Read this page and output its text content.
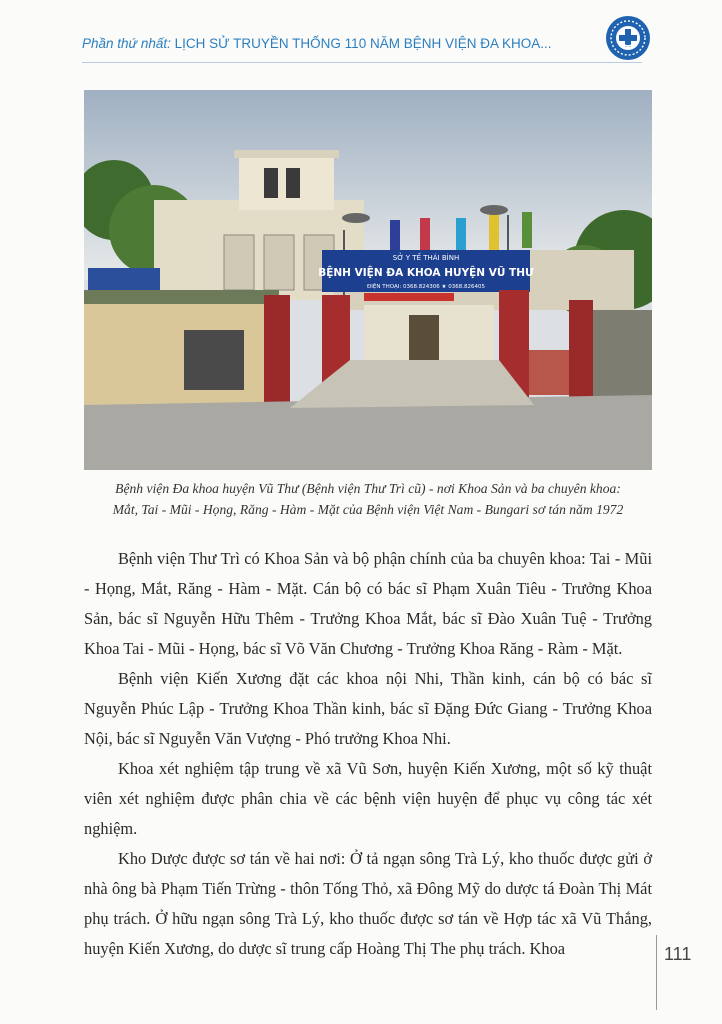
Phần thứ nhất: LỊCH SỬ TRUYỀN THỐNG 110 NĂM BỆNH VIỆN ĐA KHOA...
SỞ Y TẾ THÁI BÌNH
BỆNH VIỆN ĐA KHOA HUYỆN VŨ THƯ
ĐIỆN THOẠI: 0368.824306 ★ 0368.826405
Bệnh viện Đa khoa huyện Vũ Thư (Bệnh viện Thư Trì cũ) - nơi Khoa Sản và ba chuyên khoa:
Mắt, Tai - Mũi - Họng, Răng - Hàm - Mặt của Bệnh viện Việt Nam - Bungari sơ tán năm 1972

Bệnh viện Thư Trì có Khoa Sản và bộ phận chính của ba chuyên khoa: Tai - Mũi - Họng, Mắt, Răng - Hàm - Mặt. Cán bộ có bác sĩ Phạm Xuân Tiêu - Trưởng Khoa Sản, bác sĩ Nguyễn Hữu Thêm - Trưởng Khoa Mắt, bác sĩ Đào Xuân Tuệ - Trưởng Khoa Tai - Mũi - Họng, bác sĩ Võ Văn Chương - Trưởng Khoa Răng - Ràm - Mặt.

Bệnh viện Kiến Xương đặt các khoa nội Nhi, Thần kinh, cán bộ có bác sĩ Nguyễn Phúc Lập - Trưởng Khoa Thần kinh, bác sĩ Đặng Đức Giang - Trưởng Khoa Nội, bác sĩ Nguyễn Văn Vượng - Phó trưởng Khoa Nhi.

Khoa xét nghiệm tập trung về xã Vũ Sơn, huyện Kiến Xương, một số kỹ thuật viên xét nghiệm được phân chia về các bệnh viện huyện để phục vụ công tác xét nghiệm.

Kho Dược được sơ tán về hai nơi: Ở tả ngạn sông Trà Lý, kho thuốc được gửi ở nhà ông bà Phạm Tiến Trừng - thôn Tống Thỏ, xã Đông Mỹ do dược tá Đoàn Thị Mát phụ trách. Ở hữu ngạn sông Trà Lý, kho thuốc được sơ tán về Hợp tác xã Vũ Thắng, huyện Kiến Xương, do dược sĩ trung cấp Hoàng Thị The phụ trách. Khoa	111
